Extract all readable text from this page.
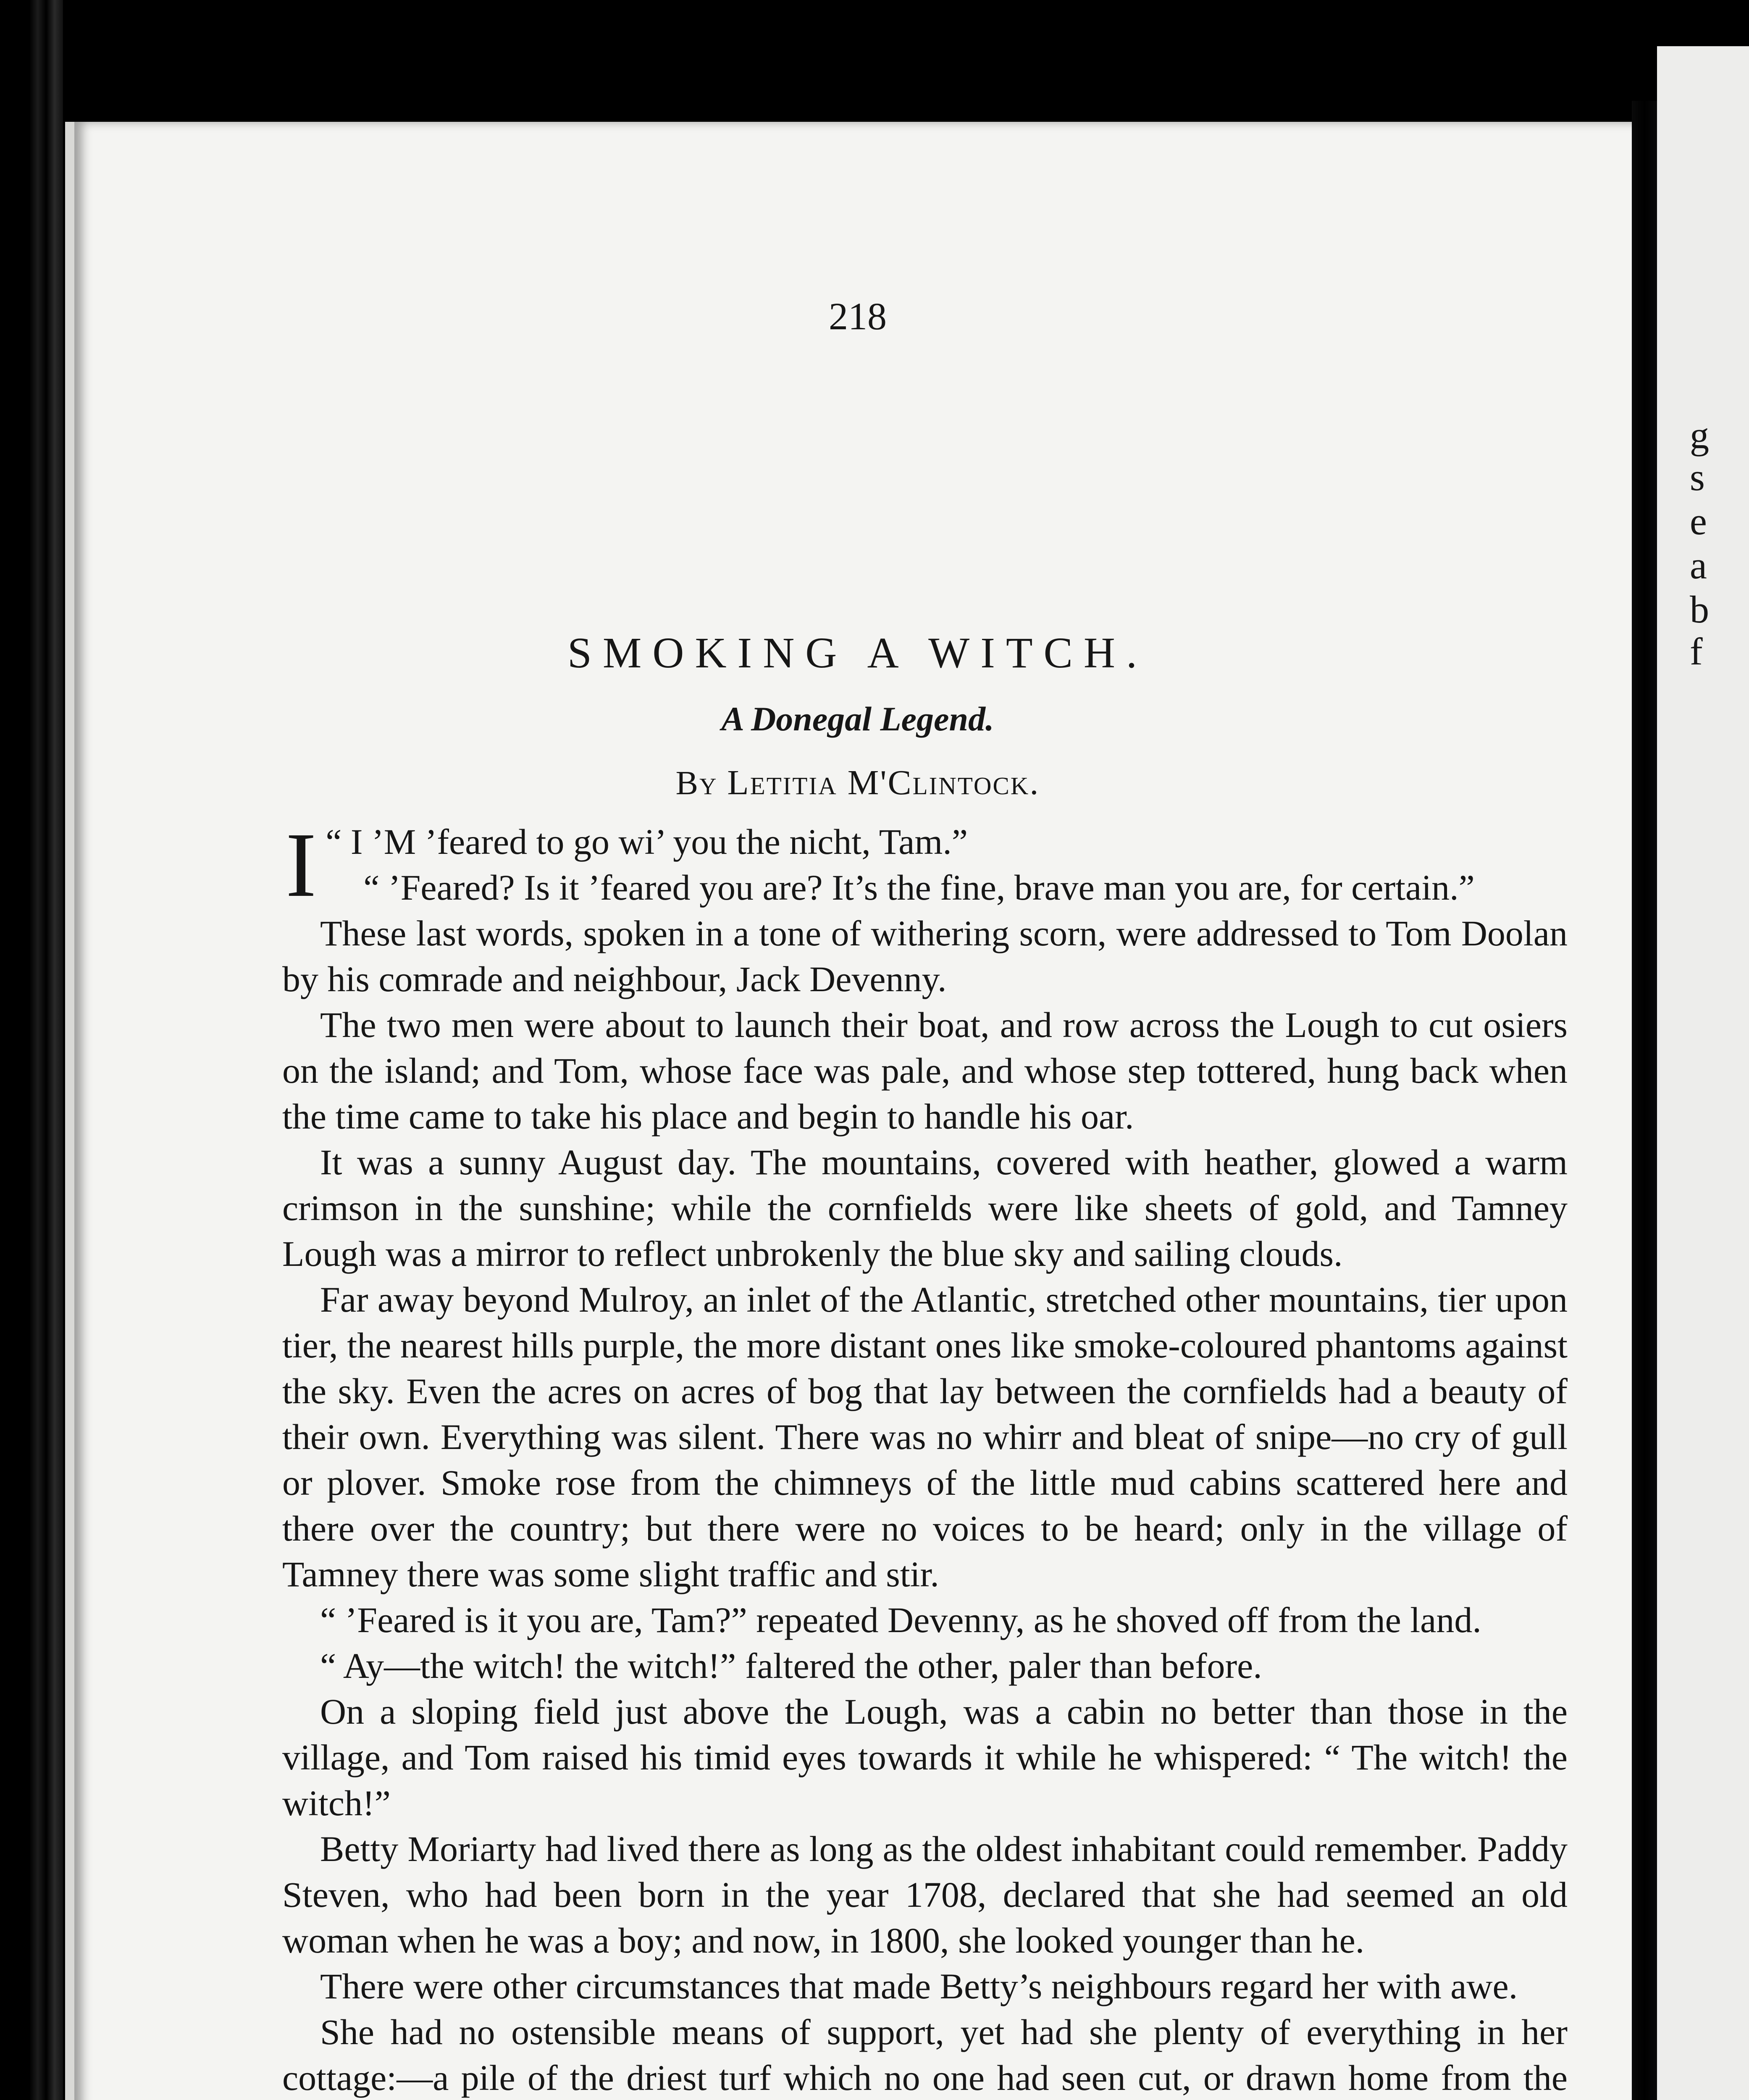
218

SMOKING A WITCH.

A Donegal Legend.

By Letitia M'Clintock.

I “ I ’M ’feared to go wi’ you the nicht, Tam.”

“ ’Feared? Is it ’feared you are? It’s the fine, brave man you are, for certain.”

These last words, spoken in a tone of withering scorn, were addressed to Tom Doolan by his comrade and neighbour, Jack Devenny.

The two men were about to launch their boat, and row across the Lough to cut osiers on the island; and Tom, whose face was pale, and whose step tottered, hung back when the time came to take his place and begin to handle his oar.

It was a sunny August day. The mountains, covered with heather, glowed a warm crimson in the sunshine; while the cornfields were like sheets of gold, and Tamney Lough was a mirror to reflect unbrokenly the blue sky and sailing clouds.

Far away beyond Mulroy, an inlet of the Atlantic, stretched other mountains, tier upon tier, the nearest hills purple, the more distant ones like smoke-coloured phantoms against the sky. Even the acres on acres of bog that lay between the cornfields had a beauty of their own. Everything was silent. There was no whirr and bleat of snipe—no cry of gull or plover. Smoke rose from the chimneys of the little mud cabins scattered here and there over the country; but there were no voices to be heard; only in the village of Tamney there was some slight traffic and stir.

“ ’Feared is it you are, Tam?” repeated Devenny, as he shoved off from the land.

“ Ay—the witch! the witch!” faltered the other, paler than before.

On a sloping field just above the Lough, was a cabin no better than those in the village, and Tom raised his timid eyes towards it while he whispered: “ The witch! the witch!”

Betty Moriarty had lived there as long as the oldest inhabitant could remember. Paddy Steven, who had been born in the year 1708, declared that she had seemed an old woman when he was a boy; and now, in 1800, she looked younger than he.

There were other circumstances that made Betty’s neighbours regard her with awe.

She had no ostensible means of support, yet had she plenty of everything in her cottage:—a pile of the driest turf which no one had seen cut, or drawn home from the

g

s

e

a

b

f
